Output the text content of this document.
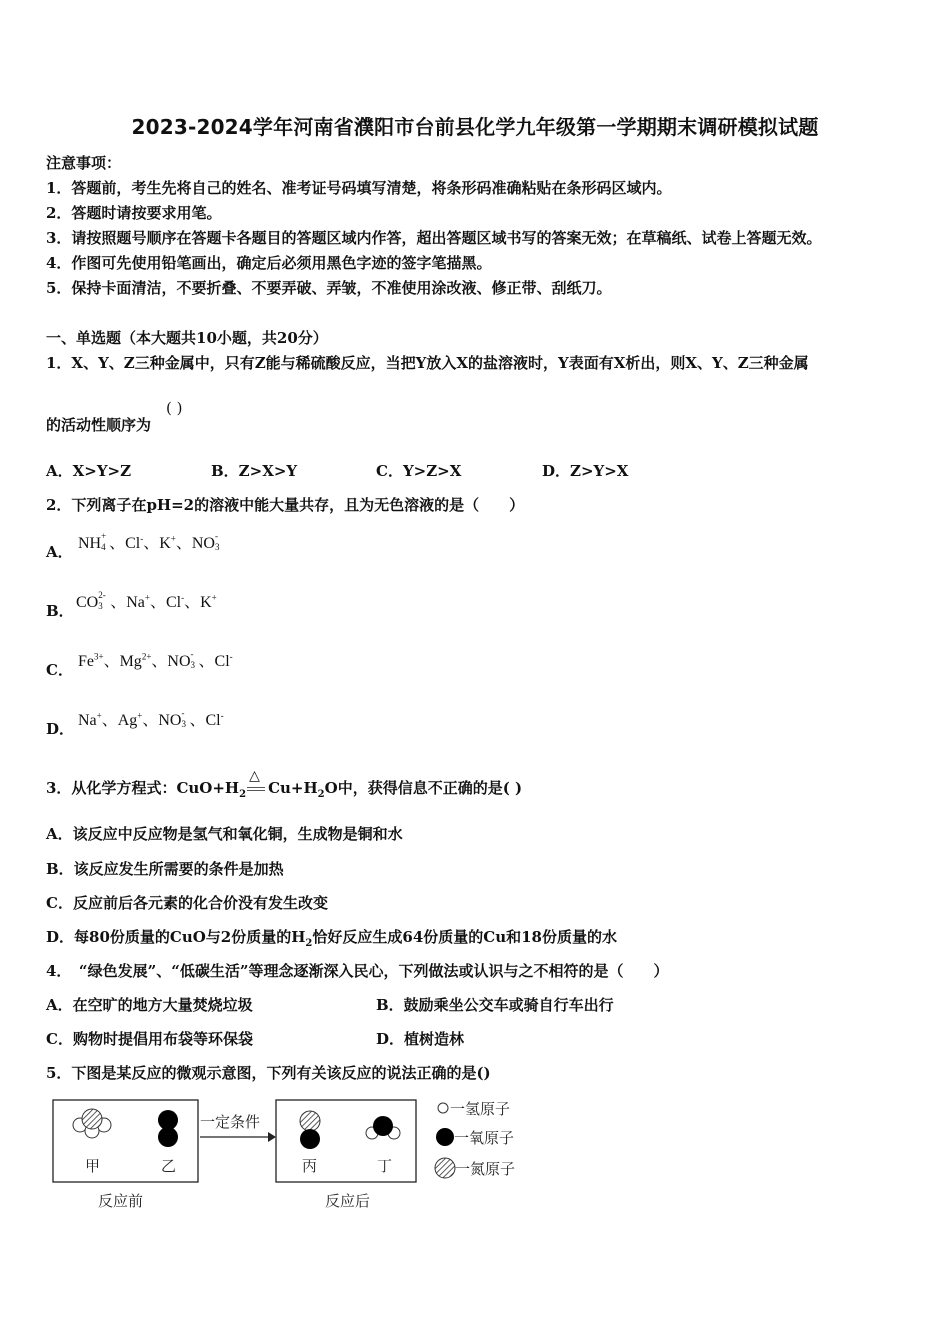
2023-2024学年河南省濮阳市台前县化学九年级第一学期期末调研模拟试题
注意事项：
1．答题前，考生先将自己的姓名、准考证号码填写清楚，将条形码准确粘贴在条形码区域内。
2．答题时请按要求用笔。
3．请按照题号顺序在答题卡各题目的答题区域内作答，超出答题区域书写的答案无效；在草稿纸、试卷上答题无效。
4．作图可先使用铅笔画出，确定后必须用黑色字迹的签字笔描黑。
5．保持卡面清洁，不要折叠、不要弄破、弄皱，不准使用涂改液、修正带、刮纸刀。
一、单选题（本大题共10小题，共20分）
1．X、Y、Z三种金属中，只有Z能与稀硫酸反应，当把Y放入X的盐溶液时，Y表面有X析出，则X、Y、Z三种金属
的活动性顺序为
( )
A．X>Y>Z	B．Z>X>Y	C．Y>Z>X	D．Z>Y>X
2．下列离子在pH=2的溶液中能大量共存，且为无色溶液的是（　　）
A． NH +
4 、Cl-、K+、NO -
3
B． CO 2-
3 、Na+、Cl-、K+
C． $Fe^{3+}$、$Mg^{2+}$、NO -
3 、Cl-
D． Na+、Ag+、NO -
3 、Cl-
3．从化学方程式：$CuO+H_2$
△
$Cu+H_2O$中，获得信息不正确的是( )
A．该反应中反应物是氢气和氧化铜，生成物是铜和水
B．该反应发生所需要的条件是加热
C．反应前后各元素的化合价没有发生改变
D．每80份质量的CuO与2份质量的$H_2$恰好反应生成64份质量的Cu和18份质量的水
4．　“绿色发展”、“低碳生活”等理念逐渐深入民心，下列做法或认识与之不相符的是（　　）
A．在空旷的地方大量焚烧垃圾	B．鼓励乘坐公交车或骑自行车出行
C．购物时提倡用布袋等环保袋	D．植树造林
5．下图是某反应的微观示意图，下列有关该反应的说法正确的是()
甲	乙
反应前
一定条件
丙	丁
反应后
一氢原子
一氧原子
一氮原子
